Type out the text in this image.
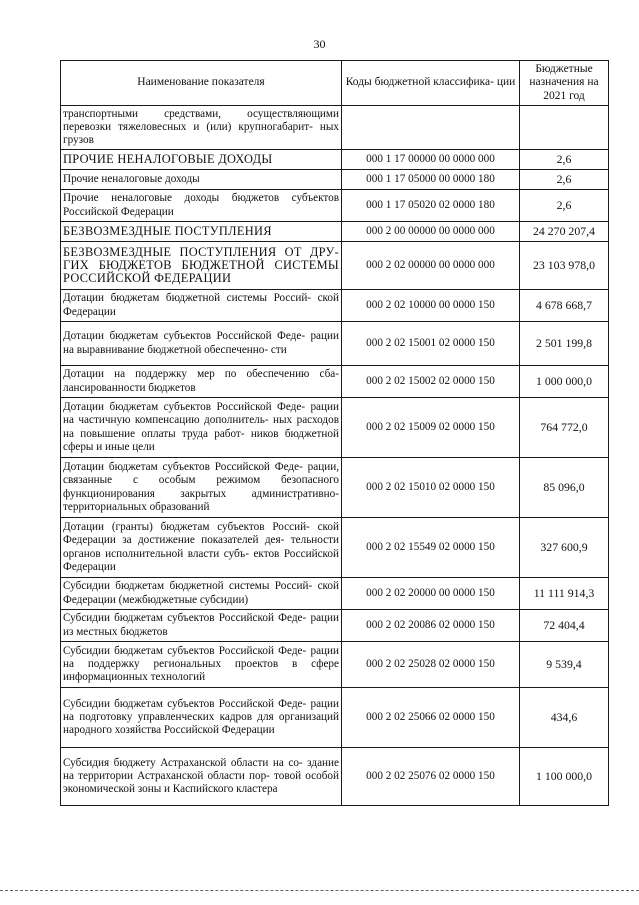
30
Наименование показателя	Коды бюджетной классифика- ции	Бюджетные назначения на 2021 год
транспортными средствами, осуществляющими перевозки тяжеловесных и (или) крупногабарит- ных грузов		
ПРОЧИЕ НЕНАЛОГОВЫЕ ДОХОДЫ	000 1 17 00000 00 0000 000	2,6
Прочие неналоговые доходы	000 1 17 05000 00 0000 180	2,6
Прочие неналоговые доходы бюджетов субъектов Российской Федерации	000 1 17 05020 02 0000 180	2,6
БЕЗВОЗМЕЗДНЫЕ ПОСТУПЛЕНИЯ	000 2 00 00000 00 0000 000	24 270 207,4
БЕЗВОЗМЕЗДНЫЕ ПОСТУПЛЕНИЯ ОТ ДРУ- ГИХ БЮДЖЕТОВ БЮДЖЕТНОЙ СИСТЕМЫ РОССИЙСКОЙ ФЕДЕРАЦИИ	000 2 02 00000 00 0000 000	23 103 978,0
Дотации бюджетам бюджетной системы Россий- ской Федерации	000 2 02 10000 00 0000 150	4 678 668,7
Дотации бюджетам субъектов Российской Феде- рации на выравнивание бюджетной обеспеченно- сти	000 2 02 15001 02 0000 150	2 501 199,8
Дотации на поддержку мер по обеспечению сба- лансированности бюджетов	000 2 02 15002 02 0000 150	1 000 000,0
Дотации бюджетам субъектов Российской Феде- рации на частичную компенсацию дополнитель- ных расходов на повышение оплаты труда работ- ников бюджетной сферы и иные цели	000 2 02 15009 02 0000 150	764 772,0
Дотации бюджетам субъектов Российской Феде- рации, связанные с особым режимом безопасного функционирования закрытых административно- территориальных образований	000 2 02 15010 02 0000 150	85 096,0
Дотации (гранты) бюджетам субъектов Россий- ской Федерации за достижение показателей дея- тельности органов исполнительной власти субъ- ектов Российской Федерации	000 2 02 15549 02 0000 150	327 600,9
Субсидии бюджетам бюджетной системы Россий- ской Федерации (межбюджетные субсидии)	000 2 02 20000 00 0000 150	11 111 914,3
Субсидии бюджетам субъектов Российской Феде- рации из местных бюджетов	000 2 02 20086 02 0000 150	72 404,4
Субсидии бюджетам субъектов Российской Феде- рации на поддержку региональных проектов в сфере информационных технологий	000 2 02 25028 02 0000 150	9 539,4
Субсидии бюджетам субъектов Российской Феде- рации на подготовку управленческих кадров для организаций народного хозяйства Российской Федерации	000 2 02 25066 02 0000 150	434,6
Субсидия бюджету Астраханской области на со- здание на территории Астраханской области пор- товой особой экономической зоны и Каспийского кластера	000 2 02 25076 02 0000 150	1 100 000,0
